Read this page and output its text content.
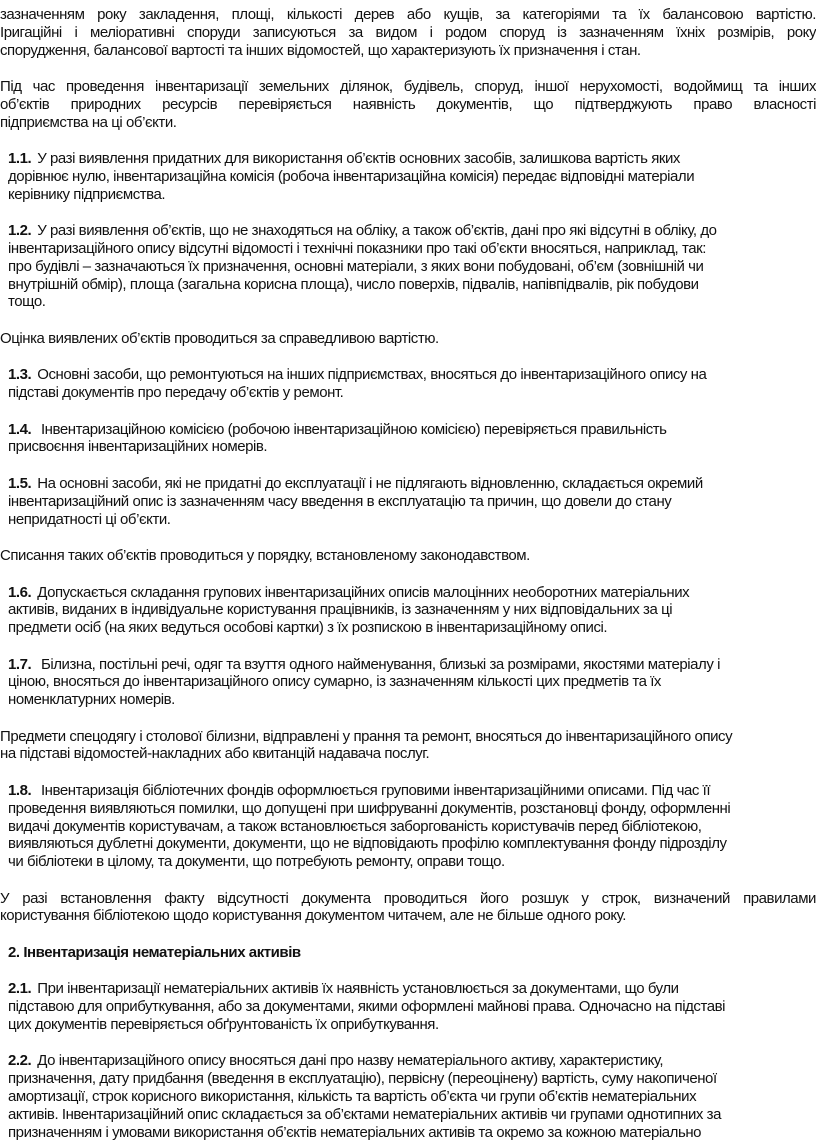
зазначенням року закладення, площі, кількості дерев або кущів, за категоріями та їх балансовою вартістю.
Іригаційні і меліоративні споруди записуються за видом і родом споруд із зазначенням їхніх розмірів, року
спорудження, балансової вартості та інших відомостей, що характеризують їх призначення і стан.
Під час проведення інвентаризації земельних ділянок, будівель, споруд, іншої нерухомості, водоймищ та інших
об’єктів природних ресурсів перевіряється наявність документів, що підтверджують право власності
підприємства на ці об’єкти.
1.1. У разі виявлення придатних для використання об’єктів основних засобів, залишкова вартість яких
дорівнює нулю, інвентаризаційна комісія (робоча інвентаризаційна комісія) передає відповідні матеріали
керівнику підприємства.
1.2. У разі виявлення об’єктів, що не знаходяться на обліку, а також об’єктів, дані про які відсутні в обліку, до
інвентаризаційного опису відсутні відомості і технічні показники про такі об’єкти вносяться, наприклад, так:
про будівлі – зазначаються їх призначення, основні матеріали, з яких вони побудовані, об’єм (зовнішній чи
внутрішній обмір), площа (загальна корисна площа), число поверхів, підвалів, напівпідвалів, рік побудови
тощо.
Оцінка виявлених об’єктів проводиться за справедливою вартістю.
1.3. Основні засоби, що ремонтуються на інших підприємствах, вносяться до інвентаризаційного опису на
підставі документів про передачу об’єктів у ремонт.
1.4. Інвентаризаційною комісією (робочою інвентаризаційною комісією) перевіряється правильність
присвоєння інвентаризаційних номерів.
1.5. На основні засоби, які не придатні до експлуатації і не підлягають відновленню, складається окремий
інвентаризаційний опис із зазначенням часу введення в експлуатацію та причин, що довели до стану
непридатності ці об’єкти.
Списання таких об’єктів проводиться у порядку, встановленому законодавством.
1.6. Допускається складання групових інвентаризаційних описів малоцінних необоротних матеріальних
активів, виданих в індивідуальне користування працівників, із зазначенням у них відповідальних за ці
предмети осіб (на яких ведуться особові картки) з їх розпискою в інвентаризаційному описі.
1.7. Білизна, постільні речі, одяг та взуття одного найменування, близькі за розмірами, якостями матеріалу і
ціною, вносяться до інвентаризаційного опису сумарно, із зазначенням кількості цих предметів та їх
номенклатурних номерів.
Предмети спецодягу і столової білизни, відправлені у прання та ремонт, вносяться до інвентаризаційного опису
на підставі відомостей-накладних або квитанцій надавача послуг.
1.8. Інвентаризація бібліотечних фондів оформлюється груповими інвентаризаційними описами. Під час її
проведення виявляються помилки, що допущені при шифруванні документів, розстановці фонду, оформленні
видачі документів користувачам, а також встановлюється заборгованість користувачів перед бібліотекою,
виявляються дублетні документи, документи, що не відповідають профілю комплектування фонду підрозділу
чи бібліотеки в цілому, та документи, що потребують ремонту, оправи тощо.
У разі встановлення факту відсутності документа проводиться його розшук у строк, визначений правилами
користування бібліотекою щодо користування документом читачем, але не більше одного року.
2. Інвентаризація нематеріальних активів
2.1. При інвентаризації нематеріальних активів їх наявність установлюється за документами, що були
підставою для оприбуткування, або за документами, якими оформлені майнові права. Одночасно на підставі
цих документів перевіряється обґрунтованість їх оприбуткування.
2.2. До інвентаризаційного опису вносяться дані про назву нематеріального активу, характеристику,
призначення, дату придбання (введення в експлуатацію), первісну (переоцінену) вартість, суму накопиченої
амортизації, строк корисного використання, кількість та вартість об’єкта чи групи об’єктів нематеріальних
активів. Інвентаризаційний опис складається за об’єктами нематеріальних активів чи групами однотипних за
призначенням і умовами використання об’єктів нематеріальних активів та окремо за кожною матеріально
